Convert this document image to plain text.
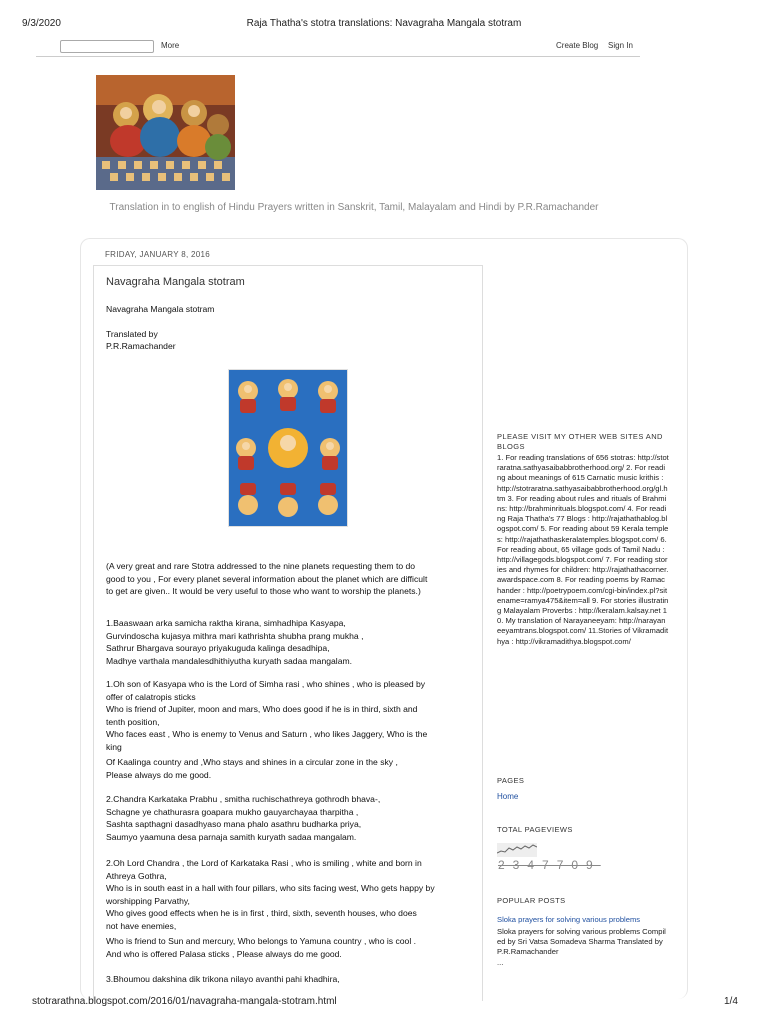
9/3/2020	Raja Thatha's stotra translations: Navagraha Mangala stotram
More	Create Blog Sign In
Translation in to english of Hindu Prayers written in Sanskrit, Tamil, Malayalam and Hindi by P.R.Ramachander
FRIDAY, JANUARY 8, 2016
Navagraha Mangala stotram
Navagraha Mangala stotram
Translated by
P.R.Ramachander
(A very great and rare Stotra addressed to the nine planets requesting them to do
good to you , For every planet several information about the planet which are difficult
to get are given.. It would be very useful to those who want to worship the planets.)
1.Baaswaan arka samicha raktha kirana, simhadhipa Kasyapa,
Gurvindoscha kujasya mithra mari kathrishta shubha prang mukha ,
Sathrur Bhargava sourayo priyakuguda kalinga desadhipa,
Madhye varthala mandalesdhithiyutha kuryath sadaa mangalam.
1.Oh son of Kasyapa who is the Lord of Simha rasi , who shines , who is pleased by
offer of calatropis sticks
Who is friend of Jupiter, moon and mars, Who does good if he is in third, sixth and
tenth position,
Who faces east , Who is enemy to Venus and Saturn , who likes Jaggery, Who is the
king
Of Kaalinga country and ,Who stays and shines in a circular zone in the sky ,
Please always do me good.
2.Chandra Karkataka Prabhu , smitha ruchischathreya gothrodh bhava-,
Schagne ye chathurasra goapara mukho gauyarchayaa tharpitha ,
Sashta sapthagni dasadhyaso mana phalo asathru budharka priya,
Saumyo yaamuna desa parnaja samith kuryath sadaa mangalam.
2.Oh Lord Chandra , the Lord of Karkataka Rasi , who is smiling , white and born in
Athreya Gothra,
Who is in south east in a hall with four pillars, who sits facing west, Who gets happy by
worshipping Parvathy,
Who gives good effects when he is in first , third, sixth, seventh houses, who does
not have enemies,
Who is friend to Sun and mercury, Who belongs to Yamuna country , who is cool .
And who is offered Palasa sticks , Please always do me good.
3.Bhoumou dakshina dik trikona nilayo avanthi pahi khadhira,
PLEASE VISIT MY OTHER WEB SITES AND BLOGS
1. For reading translations of 656 stotras: http://stotraratna.sathyasaibabbrotherhood.org/ 2. For reading about meanings of 615 Carnatic music krithis : http://stotraratna.sathyasaibabbrotherhood.org/gl.htm 3. For reading about rules and rituals of Brahmins: http://brahminrituals.blogspot.com/ 4. For reading Raja Thatha's 77 Blogs : http://rajathathablog.blogspot.com/ 5. For reading about 59 Kerala temples: http://rajathathaskeralatemples.blogspot.com/ 6. For reading about, 65 village gods of Tamil Nadu : http://villagegods.blogspot.com/ 7. For reading stories and rhymes for children: http://rajathathacorner.awardspace.com 8. For reading poems by Ramachander : http://poetrypoem.com/cgi-bin/index.pl?sitename=ramya475&item=all 9. For stories illustrating Malayalam Proverbs : http://keralam.kalsay.net 10. My translation of Narayaneeyam: http://narayaneeyamtrans.blogspot.com/ 11.Stories of Vikramadithya : http://vikramadithya.blogspot.com/
PAGES
Home
TOTAL PAGEVIEWS
2347709
POPULAR POSTS
Sloka prayers for solving various problems
Sloka prayers for solving various problems Compiled by Sri Vatsa Somadeva Sharma Translated by P.R.Ramachander
...
stotrarathna.blogspot.com/2016/01/navagraha-mangala-stotram.html	1/4
